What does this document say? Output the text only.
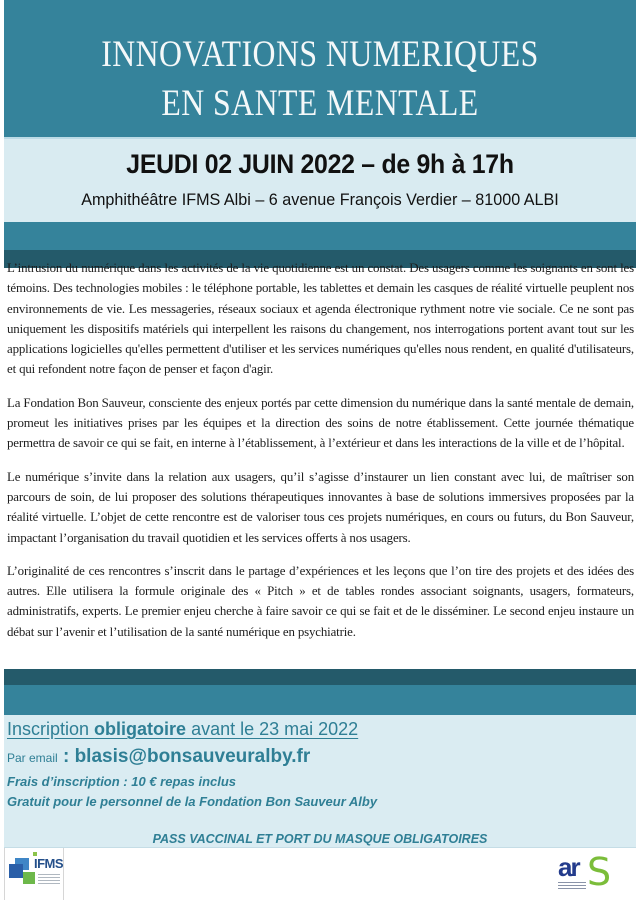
INNOVATIONS NUMERIQUES
EN SANTE MENTALE
JEUDI 02 JUIN 2022 – de 9h à 17h
Amphithéâtre IFMS Albi – 6 avenue François Verdier – 81000 ALBI

L’intrusion du numérique dans les activités de la vie quotidienne est un constat. Des usagers comme les soignants en sont les témoins. Des technologies mobiles : le téléphone portable, les tablettes et demain les casques de réalité virtuelle peuplent nos environnements de vie. Les messageries, réseaux sociaux et agenda électronique rythment notre vie sociale. Ce ne sont pas uniquement les dispositifs matériels qui interpellent les raisons du changement, nos interrogations portent avant tout sur les applications logicielles qu'elles permettent d'utiliser et les services numériques qu'elles nous rendent, en qualité d'utilisateurs, et qui refondent notre façon de penser et façon d'agir.

La Fondation Bon Sauveur, consciente des enjeux portés par cette dimension du numérique dans la santé mentale de demain, promeut les initiatives prises par les équipes et la direction des soins de notre établissement. Cette journée thématique permettra de savoir ce qui se fait, en interne à l’établissement, à l’extérieur et dans les interactions de la ville et de l’hôpital.

Le numérique s’invite dans la relation aux usagers, qu’il s’agisse d’instaurer un lien constant avec lui, de maîtriser son parcours de soin, de lui proposer des solutions thérapeutiques innovantes à base de solutions immersives proposées par la réalité virtuelle. L’objet de cette rencontre est de valoriser tous ces projets numériques, en cours ou futurs, du Bon Sauveur, impactant l’organisation du travail quotidien et les services offerts à nos usagers.

L’originalité de ces rencontres s’inscrit dans le partage d’expériences et les leçons que l’on tire des projets et des idées des autres. Elle utilisera la formule originale des « Pitch » et de tables rondes associant soignants, usagers, formateurs, administratifs, experts. Le premier enjeu cherche à faire savoir ce qui se fait et de le disséminer. Le second enjeu instaure un débat sur l’avenir et l’utilisation de la santé numérique en psychiatrie.

Inscription obligatoire avant le 23 mai 2022
Par email : blasis@bonsauveuralby.fr
Frais d’inscription : 10 € repas inclus
Gratuit pour le personnel de la Fondation Bon Sauveur Alby
PASS VACCINAL ET PORT DU MASQUE OBLIGATOIRES
IFMS	ar S
